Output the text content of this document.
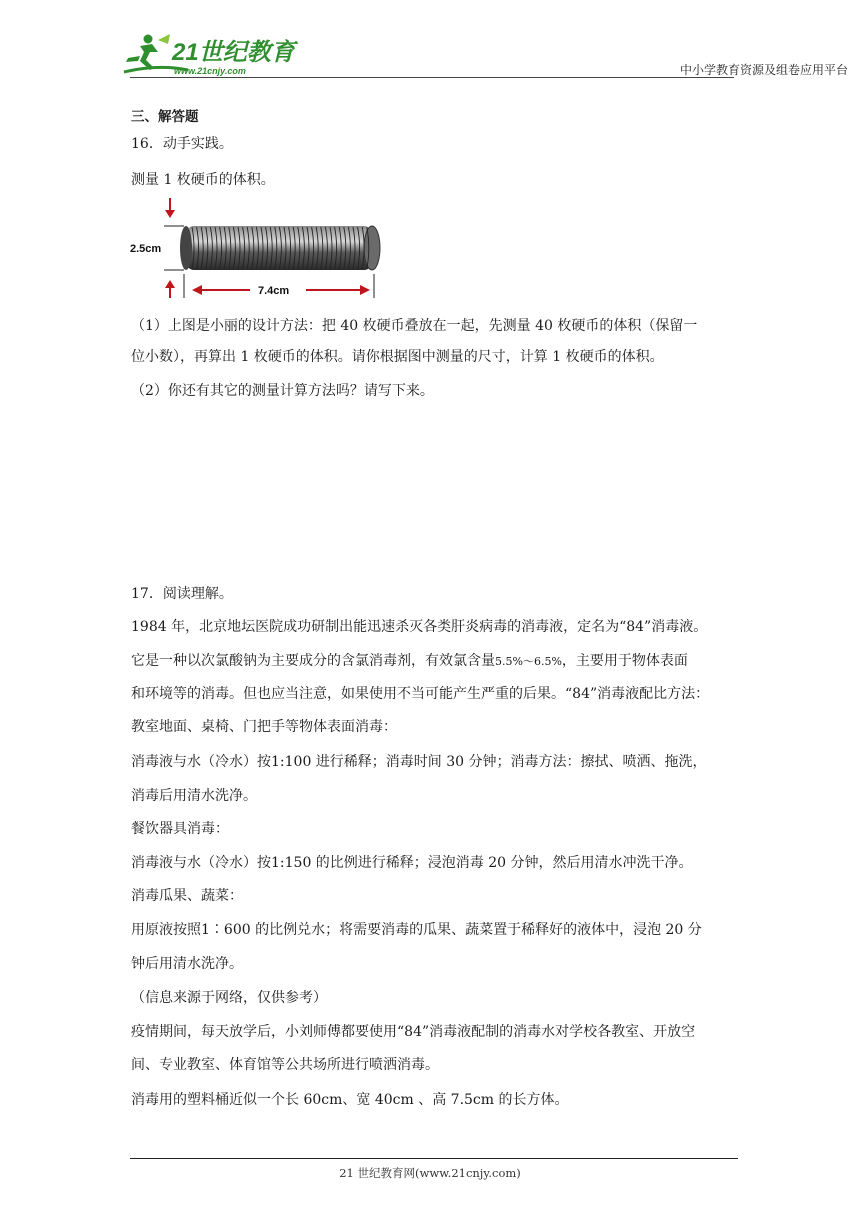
21世纪教育
www.21cnjy.com	中小学教育资源及组卷应用平台
三、解答题
16．动手实践。
测量 1 枚硬币的体积。
2.5cm
7.4cm
（1）上图是小丽的设计方法：把 40 枚硬币叠放在一起，先测量 40 枚硬币的体积（保留一
位小数），再算出 1 枚硬币的体积。请你根据图中测量的尺寸，计算 1 枚硬币的体积。
（2）你还有其它的测量计算方法吗？请写下来。
17．阅读理解。
1984 年，北京地坛医院成功研制出能迅速杀灭各类肝炎病毒的消毒液，定名为“84”消毒液。
它是一种以次氯酸钠为主要成分的含氯消毒剂，有效氯含量5.5%～6.5%，主要用于物体表面
和环境等的消毒。但也应当注意，如果使用不当可能产生严重的后果。“84”消毒液配比方法：
教室地面、桌椅、门把手等物体表面消毒：
消毒液与水（冷水）按1:100 进行稀释；消毒时间 30 分钟；消毒方法：擦拭、喷洒、拖洗，
消毒后用清水洗净。
餐饮器具消毒：
消毒液与水（冷水）按1:150 的比例进行稀释；浸泡消毒 20 分钟，然后用清水冲洗干净。
消毒瓜果、蔬菜：
用原液按照1∶600 的比例兑水；将需要消毒的瓜果、蔬菜置于稀释好的液体中，浸泡 20 分
钟后用清水洗净。
（信息来源于网络，仅供参考）
疫情期间，每天放学后，小刘师傅都要使用“84”消毒液配制的消毒水对学校各教室、开放空
间、专业教室、体育馆等公共场所进行喷洒消毒。
消毒用的塑料桶近似一个长 60cm、宽 40cm 、高 7.5cm 的长方体。
21 世纪教育网(www.21cnjy.com)
